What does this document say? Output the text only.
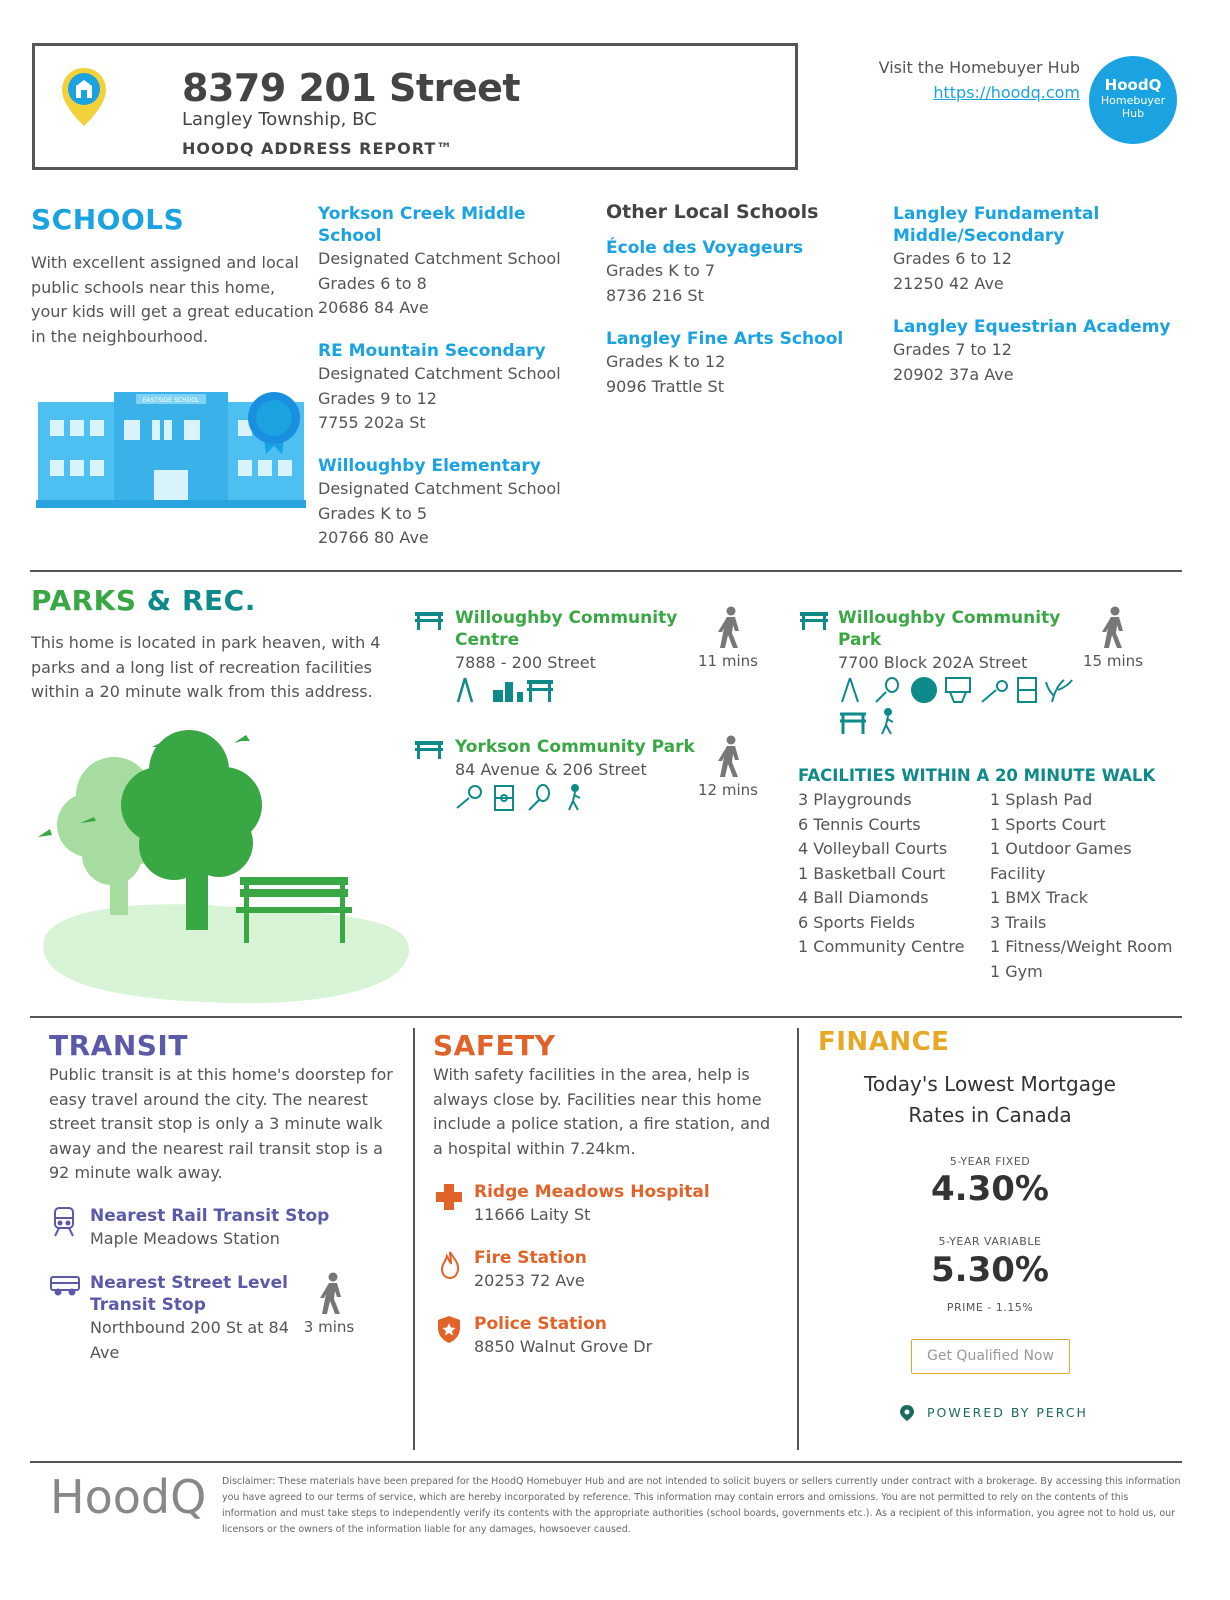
8379 201 Street
Langley Township, BC
HOODQ ADDRESS REPORT™
Visit the Homebuyer Hub
https://hoodq.com	HoodQ
Homebuyer
Hub
SCHOOLS
With excellent assigned and local public schools near this home, your kids will get a great education in the neighbourhood.
EASTSIDE SCHOOL
Yorkson Creek Middle School
Designated Catchment School
Grades 6 to 8
20686 84 Ave
RE Mountain Secondary
Designated Catchment School
Grades 9 to 12
7755 202a St
Willoughby Elementary
Designated Catchment School
Grades K to 5
20766 80 Ave
Other Local Schools
École des Voyageurs
Grades K to 7
8736 216 St
Langley Fine Arts School
Grades K to 12
9096 Trattle St
Langley Fundamental Middle/Secondary
Grades 6 to 12
21250 42 Ave
Langley Equestrian Academy
Grades 7 to 12
20902 37a Ave
PARKS & REC.
This home is located in park heaven, with 4 parks and a long list of recreation facilities within a 20 minute walk from this address.
Willoughby Community Centre
7888 - 200 Street	11 mins
Yorkson Community Park
84 Avenue & 206 Street
12 mins
Willoughby Community Park
7700 Block 202A Street	15 mins
FACILITIES WITHIN A 20 MINUTE WALK
3 Playgrounds
6 Tennis Courts
4 Volleyball Courts
1 Basketball Court
4 Ball Diamonds
6 Sports Fields
1 Community Centre
1 Splash Pad
1 Sports Court
1 Outdoor Games
Facility
1 BMX Track
3 Trails
1 Fitness/Weight Room
1 Gym
TRANSIT
Public transit is at this home's doorstep for easy travel around the city. The nearest street transit stop is only a 3 minute walk away and the nearest rail transit stop is a 92 minute walk away.
Nearest Rail Transit Stop
Maple Meadows Station
Nearest Street Level Transit Stop
Northbound 200 St at 84 Ave
3 mins
SAFETY
With safety facilities in the area, help is always close by. Facilities near this home include a police station, a fire station, and a hospital within 7.24km.
Ridge Meadows Hospital
11666 Laity St
Fire Station
20253 72 Ave
Police Station
8850 Walnut Grove Dr
FINANCE
Today's Lowest Mortgage Rates in Canada
5-YEAR FIXED
4.30%
5-YEAR VARIABLE
5.30%
PRIME - 1.15%
Get Qualified Now
POWERED BY PERCH
HoodQ Disclaimer: These materials have been prepared for the HoodQ Homebuyer Hub and are not intended to solicit buyers or sellers currently under contract with a brokerage. By accessing this information you have agreed to our terms of service, which are hereby incorporated by reference. This information may contain errors and omissions. You are not permitted to rely on the contents of this information and must take steps to independently verify its contents with the appropriate authorities (school boards, governments etc.). As a recipient of this information, you agree not to hold us, our licensors or the owners of the information liable for any damages, howsoever caused.
